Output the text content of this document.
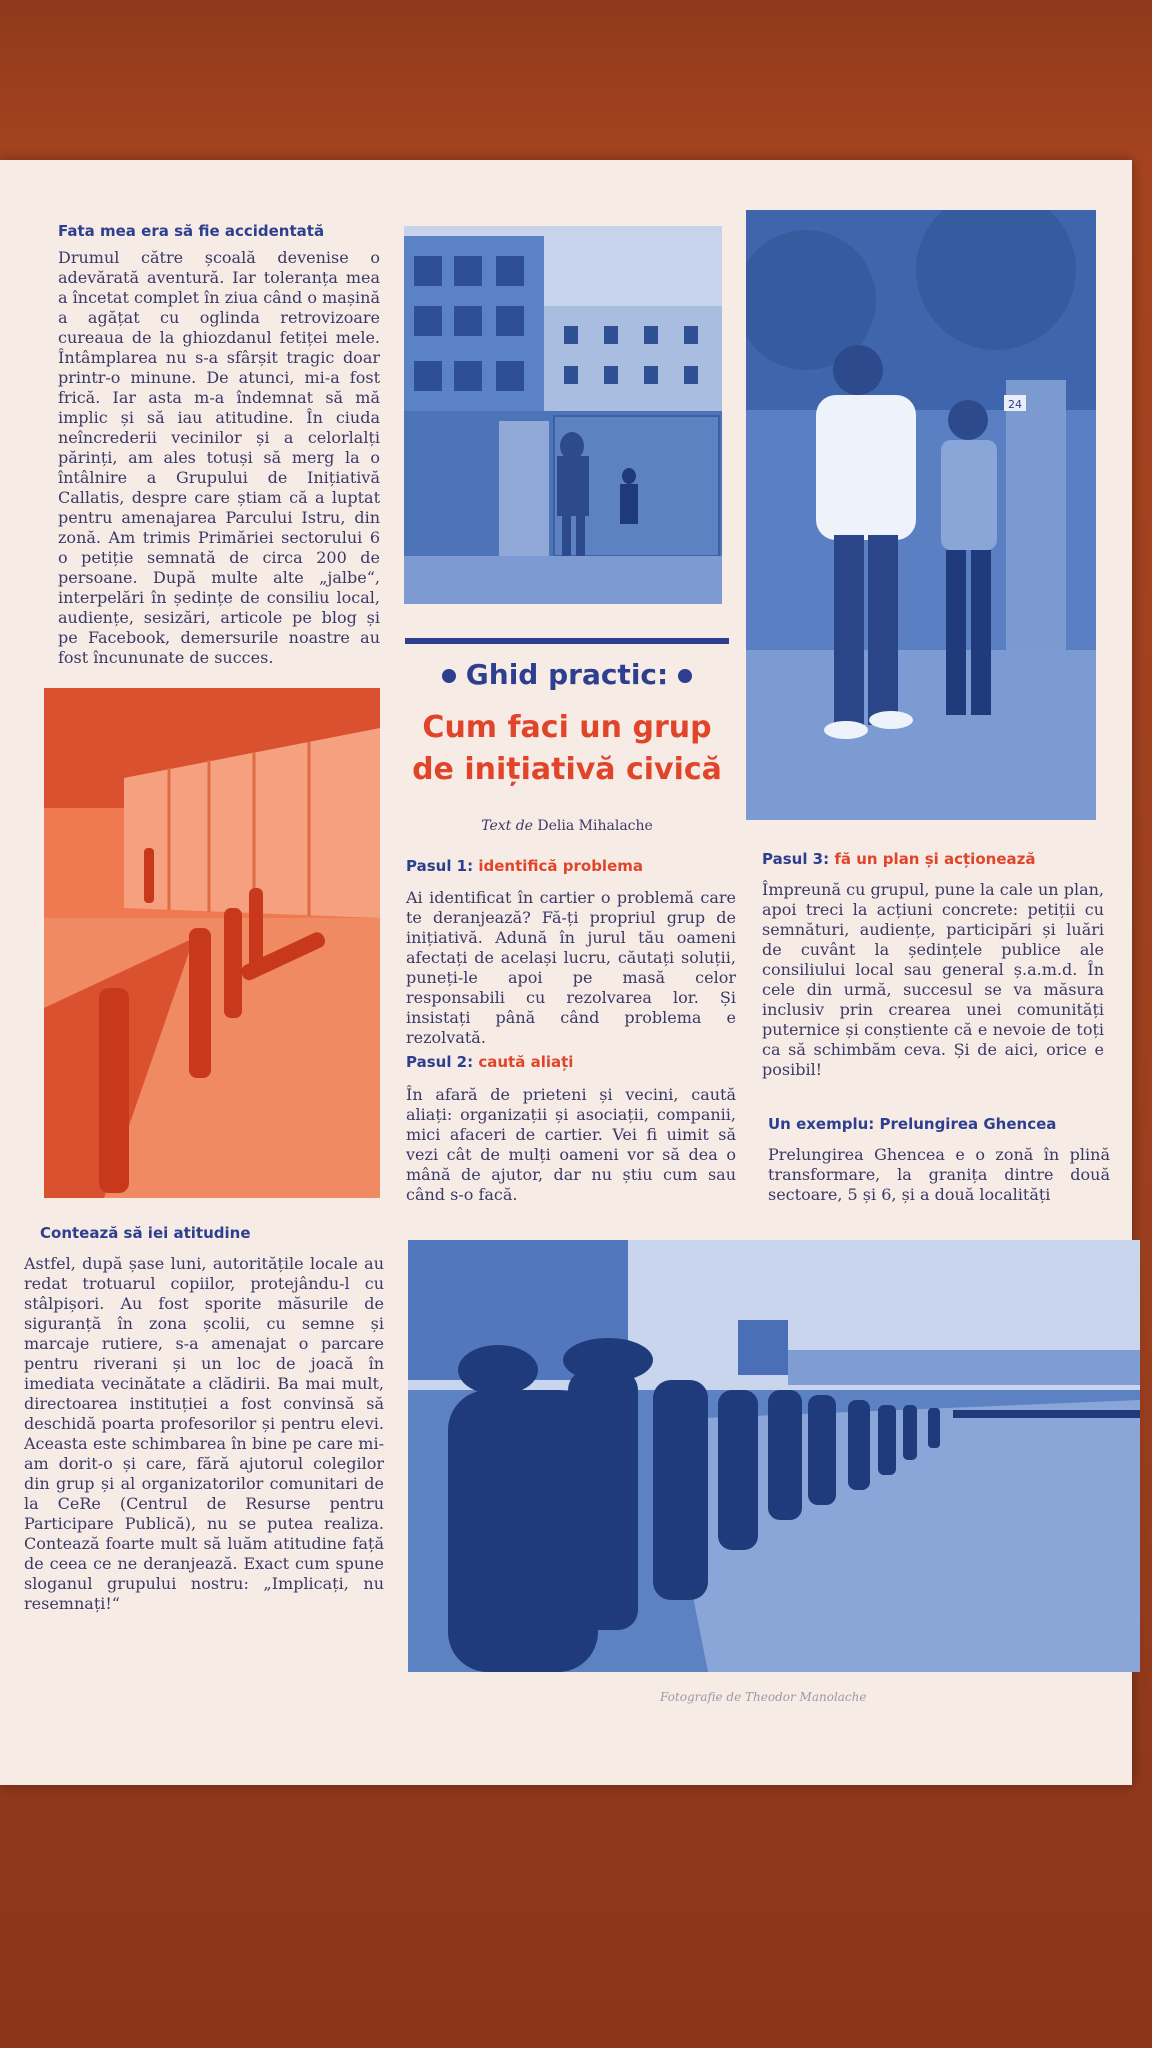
Fata mea era să fie accidentată
Drumul către școală devenise o adevărată aventură. Iar toleranța mea a încetat complet în ziua când o mașină a agățat cu oglinda retrovizoare cureaua de la ghiozdanul fetiței mele. Întâmplarea nu s-a sfârșit tragic doar printr-o minune. De atunci, mi-a fost frică. Iar asta m-a îndemnat să mă implic și să iau atitudine. În ciuda neîncrederii vecinilor și a celorlalți părinți, am ales totuși să merg la o întâlnire a Grupului de Inițiativă Callatis, despre care știam că a luptat pentru amenajarea Parcului Istru, din zonă. Am trimis Primăriei sectorului 6 o petiție semnată de circa 200 de persoane. După multe alte „jalbe“, interpelări în ședințe de consiliu local, audiențe, sesizări, articole pe blog și pe Facebook, demersurile noastre au fost încununate de succes.
24
Ghid practic:
Cum faci un grup
de inițiativă civică
Text de Delia Mihalache
Pasul 1: identifică problema
Ai identificat în cartier o problemă care te deranjează? Fă-ți propriul grup de inițiativă. Adună în jurul tău oameni afectați de același lucru, căutați soluții, puneți-le apoi pe masă celor responsabili cu rezolvarea lor. Și insistați până când problema e rezolvată.
Pasul 2: caută aliați
În afară de prieteni și vecini, caută aliați: organizații și asociații, companii, mici afaceri de cartier. Vei fi uimit să vezi cât de mulți oameni vor să dea o mână de ajutor, dar nu știu cum sau când s-o facă.
Pasul 3: fă un plan și acționează
Împreună cu grupul, pune la cale un plan, apoi treci la acțiuni concrete: petiții cu semnături, audiențe, participări și luări de cuvânt la ședințele publice ale consiliului local sau general ș.a.m.d. În cele din urmă, succesul se va măsura inclusiv prin crearea unei comunități puternice și conștiente că e nevoie de toți ca să schimbăm ceva. Și de aici, orice e posibil!
Un exemplu: Prelungirea Ghencea
Prelungirea Ghencea e o zonă în plină transformare, la granița dintre două sectoare, 5 și 6, și a două localități
Contează să iei atitudine
Astfel, după șase luni, autoritățile locale au redat trotuarul copiilor, protejându-l cu stâlpișori. Au fost sporite măsurile de siguranță în zona școlii, cu semne și marcaje rutiere, s-a amenajat o parcare pentru riverani și un loc de joacă în imediata vecinătate a clădirii. Ba mai mult, directoarea instituției a fost convinsă să deschidă poarta profesorilor și pentru elevi. Aceasta este schimbarea în bine pe care mi-am dorit-o și care, fără ajutorul colegilor din grup și al organizatorilor comunitari de la CeRe (Centrul de Resurse pentru Participare Publică), nu se putea realiza. Contează foarte mult să luăm atitudine față de ceea ce ne deranjează. Exact cum spune sloganul grupului nostru: „Implicați, nu resemnați!“
Fotografie de Theodor Manolache
